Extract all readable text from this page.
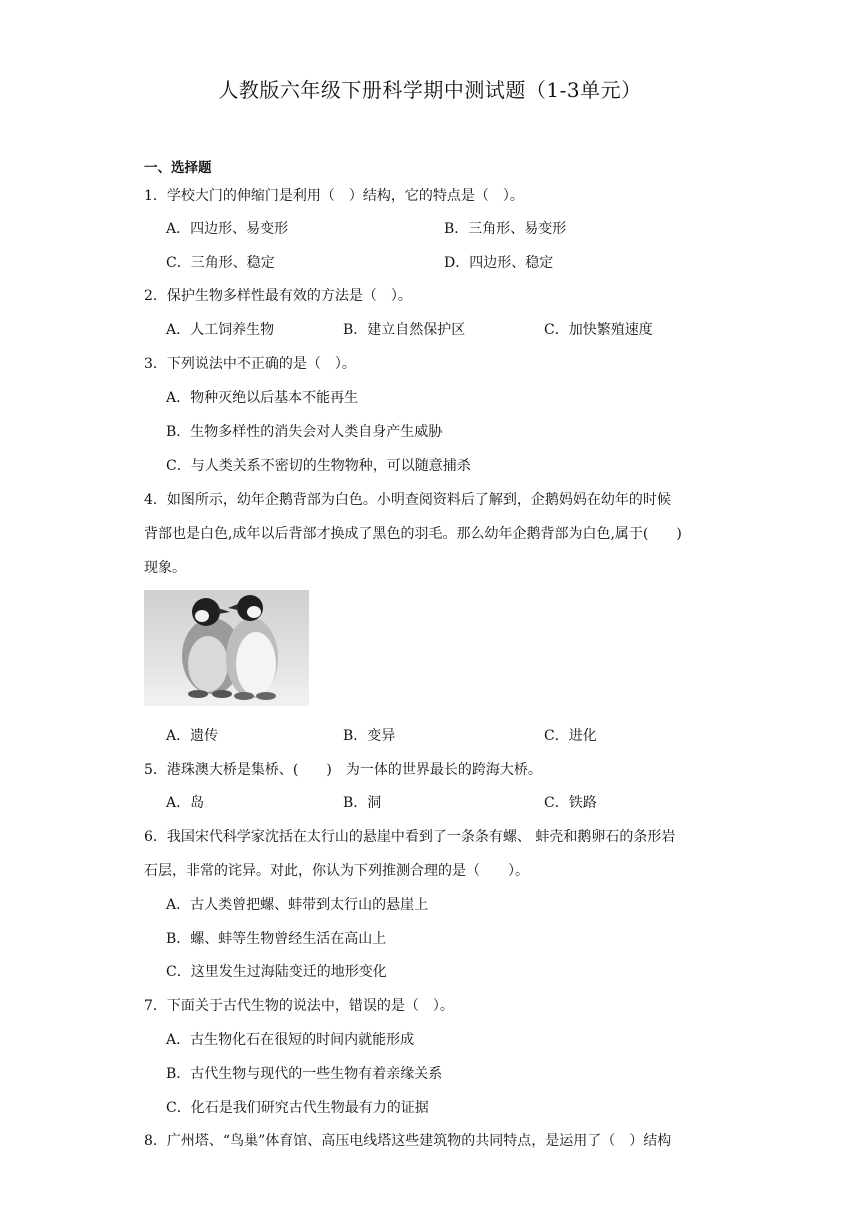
人教版六年级下册科学期中测试题（1-3单元）
一、选择题
1．学校大门的伸缩门是利用（　）结构，它的特点是（　）。
A．四边形、易变形	B．三角形、易变形
C．三角形、稳定	D．四边形、稳定
2．保护生物多样性最有效的方法是（　）。
A．人工饲养生物	B．建立自然保护区	C．加快繁殖速度
3．下列说法中不正确的是（　）。
A．物种灭绝以后基本不能再生
B．生物多样性的消失会对人类自身产生威胁
C．与人类关系不密切的生物物种，可以随意捕杀
4．如图所示，幼年企鹅背部为白色。小明查阅资料后了解到，企鹅妈妈在幼年的时候
背部也是白色,成年以后背部才换成了黑色的羽毛。那么幼年企鹅背部为白色,属于(　　)
现象。
A．遗传	B．变异	C．进化
5．港珠澳大桥是集桥、(　　)　为一体的世界最长的跨海大桥。
A．岛	B．洞	C．铁路
6．我国宋代科学家沈括在太行山的悬崖中看到了一条条有螺、 蚌壳和鹅卵石的条形岩
石层，非常的诧异。对此，你认为下列推测合理的是（　　）。
A．古人类曾把螺、蚌带到太行山的悬崖上
B．螺、蚌等生物曾经生活在高山上
C．这里发生过海陆变迁的地形变化
7．下面关于古代生物的说法中，错误的是（　）。
A．古生物化石在很短的时间内就能形成
B．古代生物与现代的一些生物有着亲缘关系
C．化石是我们研究古代生物最有力的证据
8．广州塔、“鸟巢”体育馆、高压电线塔这些建筑物的共同特点，是运用了（　）结构
